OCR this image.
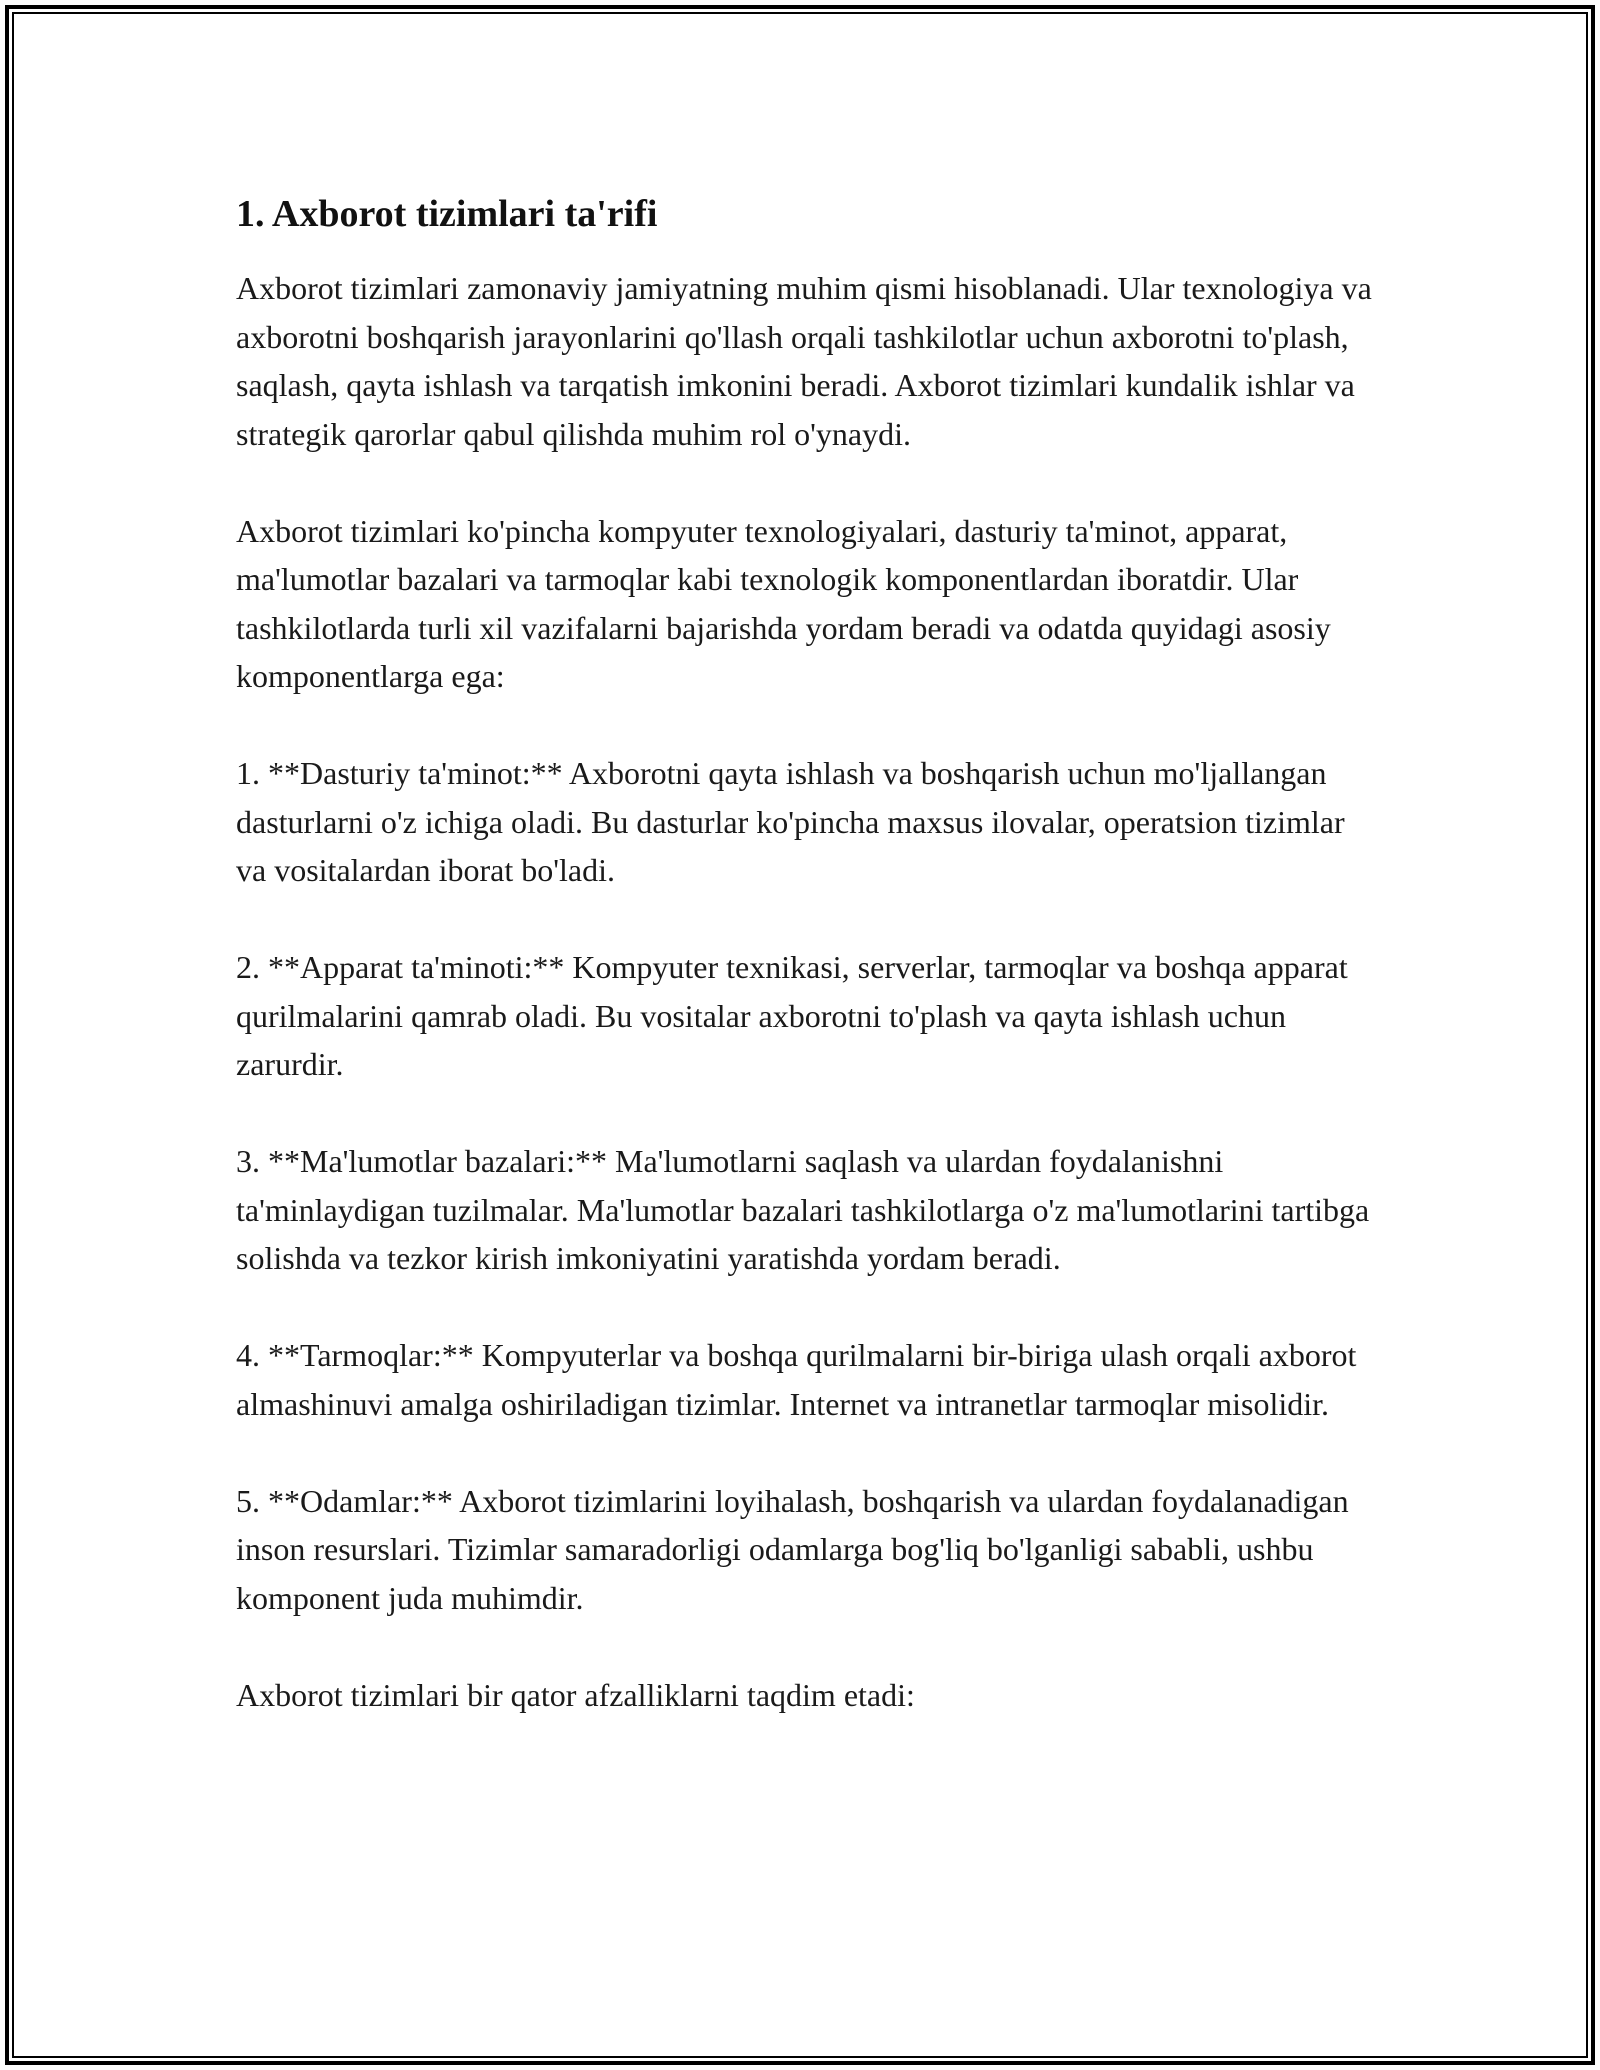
1. Axborot tizimlari ta'rifi

Axborot tizimlari zamonaviy jamiyatning muhim qismi hisoblanadi. Ular texnologiya va axborotni boshqarish jarayonlarini qo'llash orqali tashkilotlar uchun axborotni to'plash, saqlash, qayta ishlash va tarqatish imkonini beradi. Axborot tizimlari kundalik ishlar va strategik qarorlar qabul qilishda muhim rol o'ynaydi.

Axborot tizimlari ko'pincha kompyuter texnologiyalari, dasturiy ta'minot, apparat, ma'lumotlar bazalari va tarmoqlar kabi texnologik komponentlardan iboratdir. Ular tashkilotlarda turli xil vazifalarni bajarishda yordam beradi va odatda quyidagi asosiy komponentlarga ega:

1. **Dasturiy ta'minot:** Axborotni qayta ishlash va boshqarish uchun mo'ljallangan dasturlarni o'z ichiga oladi. Bu dasturlar ko'pincha maxsus ilovalar, operatsion tizimlar va vositalardan iborat bo'ladi.

2. **Apparat ta'minoti:** Kompyuter texnikasi, serverlar, tarmoqlar va boshqa apparat qurilmalarini qamrab oladi. Bu vositalar axborotni to'plash va qayta ishlash uchun zarurdir.

3. **Ma'lumotlar bazalari:** Ma'lumotlarni saqlash va ulardan foydalanishni ta'minlaydigan tuzilmalar. Ma'lumotlar bazalari tashkilotlarga o'z ma'lumotlarini tartibga solishda va tezkor kirish imkoniyatini yaratishda yordam beradi.

4. **Tarmoqlar:** Kompyuterlar va boshqa qurilmalarni bir-biriga ulash orqali axborot almashinuvi amalga oshiriladigan tizimlar. Internet va intranetlar tarmoqlar misolidir.

5. **Odamlar:** Axborot tizimlarini loyihalash, boshqarish va ulardan foydalanadigan inson resurslari. Tizimlar samaradorligi odamlarga bog'liq bo'lganligi sababli, ushbu komponent juda muhimdir.

Axborot tizimlari bir qator afzalliklarni taqdim etadi:
